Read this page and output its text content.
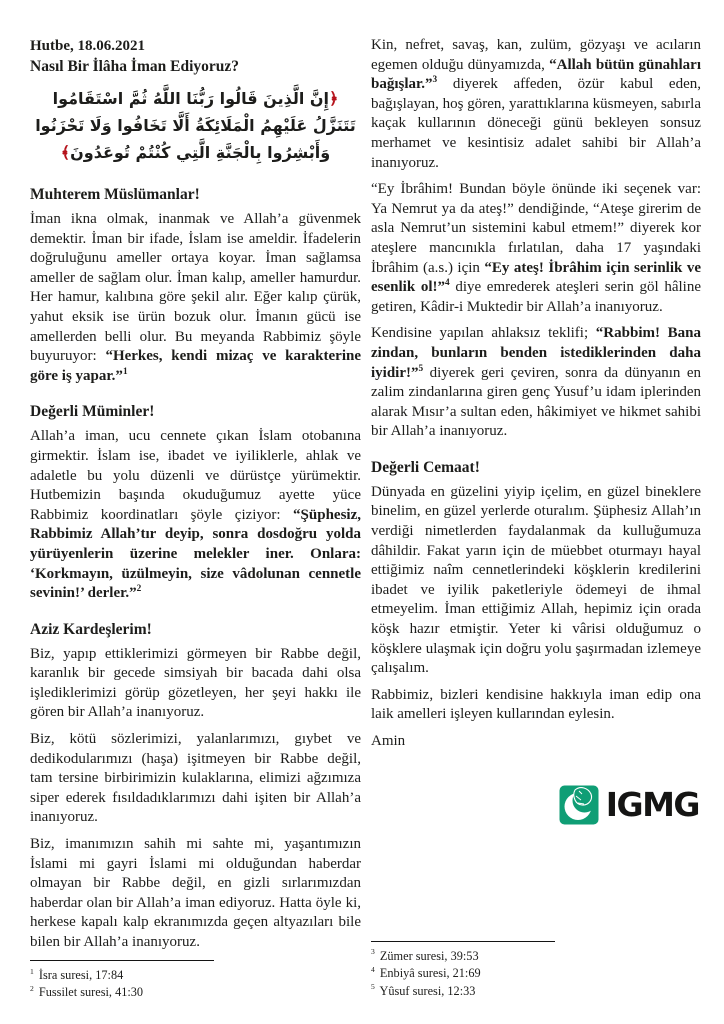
Hutbe, 18.06.2021
Nasıl Bir İlâha İman Ediyoruz?
﴿إِنَّ الَّذِينَ قَالُوا رَبُّنَا اللَّهُ ثُمَّ اسْتَقَامُوا تَتَنَزَّلُ عَلَيْهِمُ الْمَلَائِكَةُ أَلَّا تَخَافُوا وَلَا تَحْزَنُوا وَأَبْشِرُوا بِالْجَنَّةِ الَّتِي كُنْتُمْ تُوعَدُونَ﴾
Muhterem Müslümanlar!

İman ikna olmak, inanmak ve Allah’a güvenmek demektir. İman bir ifade, İslam ise ameldir. İfadelerin doğruluğunu ameller ortaya koyar. İman sağlamsa ameller de sağlam olur. İman kalıp, ameller hamurdur. Her hamur, kalıbına göre şekil alır. Eğer kalıp çürük, yahut eksik ise ürün bozuk olur. İmanın gücü ise amellerden belli olur. Bu meyanda Rabbimiz şöyle buyuruyor: “Herkes, kendi mizaç ve karakterine göre iş yapar.”$^1$

Değerli Müminler!

Allah’a iman, ucu cennete çıkan İslam otobanına girmektir. İslam ise, ibadet ve iyiliklerle, ahlak ve adaletle bu yolu düzenli ve dürüstçe yürümektir. Hutbemizin başında okuduğumuz ayette yüce Rabbimiz koordinatları şöyle çiziyor: “Şüphesiz, Rabbimiz Allah’tır deyip, sonra dosdoğru yolda yürüyenlerin üzerine melekler iner. Onlara: ‘Korkmayın, üzülmeyin, size vâdolunan cennetle sevinin!’ derler.”$^2$

Aziz Kardeşlerim!

Biz, yapıp ettiklerimizi görmeyen bir Rabbe değil, karanlık bir gecede simsiyah bir bacada dahi olsa işlediklerimizi görüp gözetleyen, her şeyi hakkı ile gören bir Allah’a inanıyoruz.

Biz, kötü sözlerimizi, yalanlarımızı, gıybet ve dedikodularımızı (haşa) işitmeyen bir Rabbe değil, tam tersine birbirimizin kulaklarına, elimizi ağzımıza siper ederek fısıldadıklarımızı dahi işiten bir Allah’a inanıyoruz.

Biz, imanımızın sahih mi sahte mi, yaşantımızın İslami mi gayri İslami mi olduğundan haberdar olmayan bir Rabbe değil, en gizli sırlarımızdan haberdar olan bir Allah’a iman ediyoruz. Hatta öyle ki, herkese kapalı kalp ekranımızda geçen altyazıları bile bilen bir Allah’a inanıyoruz.

$^1$ İsra suresi, 17:84
$^2$ Fussilet suresi, 41:30

Kin, nefret, savaş, kan, zulüm, gözyaşı ve acıların egemen olduğu dünyamızda, “Allah bütün günahları bağışlar.”$^3$ diyerek affeden, özür kabul eden, bağışlayan, hoş gören, yarattıklarına küsmeyen, sabırla kaçak kullarının döneceği günü bekleyen sonsuz merhamet ve kesintisiz adalet sahibi bir Allah’a inanıyoruz.

“Ey İbrâhim! Bundan böyle önünde iki seçenek var: Ya Nemrut ya da ateş!” dendiğinde, “Ateşe girerim de asla Nemrut’un sistemini kabul etmem!” diyerek kor ateşlere mancınıkla fırlatılan, daha 17 yaşındaki İbrâhim (a.s.) için “Ey ateş! İbrâhim için serinlik ve esenlik ol!”$^4$ diye emrederek ateşleri serin göl hâline getiren, Kâdir-i Muktedir bir Allah’a inanıyoruz.

Kendisine yapılan ahlaksız teklifi; “Rabbim! Bana zindan, bunların benden istediklerinden daha iyidir!”$^5$ diyerek geri çeviren, sonra da dünyanın en zalim zindanlarına giren genç Yusuf’u idam iplerinden alarak Mısır’a sultan eden, hâkimiyet ve hikmet sahibi bir Allah’a inanıyoruz.

Değerli Cemaat!

Dünyada en güzelini yiyip içelim, en güzel bineklere binelim, en güzel yerlerde oturalım. Şüphesiz Allah’ın verdiği nimetlerden faydalanmak da kulluğumuza dâhildir. Fakat yarın için de müebbet oturmayı hayal ettiğimiz naîm cennetlerindeki köşklerin kredilerini ibadet ve iyilik paketleriyle ödemeyi de ihmal etmeyelim. İman ettiğimiz Allah, hepimiz için orada köşk hazır etmiştir. Yeter ki vârisi olduğumuz o köşklere ulaşmak için doğru yolu şaşırmadan izlemeye çalışalım.

Rabbimiz, bizleri kendisine hakkıyla iman edip ona laik amelleri işleyen kullarından eylesin.

Amin

IGMG
$^3$ Zümer suresi, 39:53
$^4$ Enbiyâ suresi, 21:69
$^5$ Yûsuf suresi, 12:33
